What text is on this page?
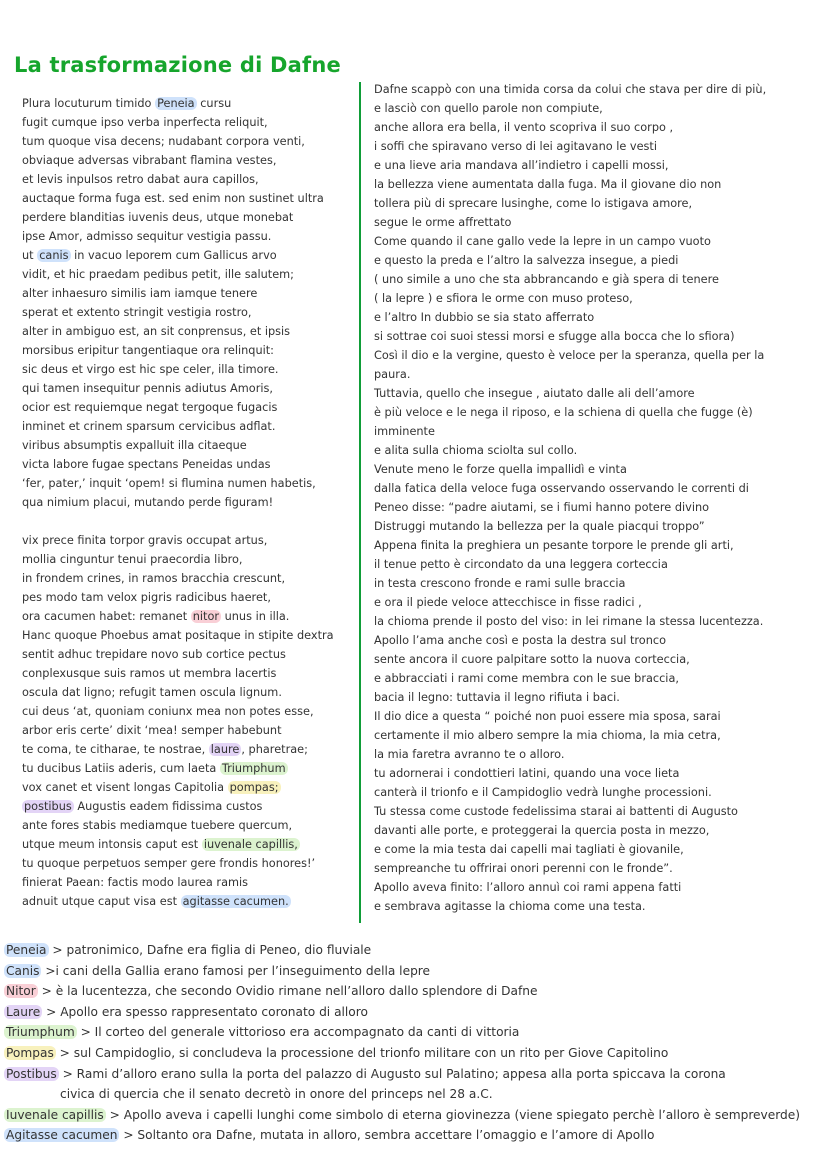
La trasformazione di Dafne
Plura locuturum timido Peneia cursu
fugit cumque ipso verba inperfecta reliquit,
tum quoque visa decens; nudabant corpora venti,
obviaque adversas vibrabant flamina vestes,
et levis inpulsos retro dabat aura capillos,
auctaque forma fuga est. sed enim non sustinet ultra
perdere blanditias iuvenis deus, utque monebat
ipse Amor, admisso sequitur vestigia passu.
ut canis in vacuo leporem cum Gallicus arvo
vidit, et hic praedam pedibus petit, ille salutem;
alter inhaesuro similis iam iamque tenere
sperat et extento stringit vestigia rostro,
alter in ambiguo est, an sit conprensus, et ipsis
morsibus eripitur tangentiaque ora relinquit:
sic deus et virgo est hic spe celer, illa timore.
qui tamen insequitur pennis adiutus Amoris,
ocior est requiemque negat tergoque fugacis
inminet et crinem sparsum cervicibus adflat.
viribus absumptis expalluit illa citaeque
victa labore fugae spectans Peneidas undas
‘fer, pater,’ inquit ‘opem! si flumina numen habetis,
qua nimium placui, mutando perde figuram!
vix prece finita torpor gravis occupat artus,
mollia cinguntur tenui praecordia libro,
in frondem crines, in ramos bracchia crescunt,
pes modo tam velox pigris radicibus haeret,
ora cacumen habet: remanet nitor unus in illa.
Hanc quoque Phoebus amat positaque in stipite dextra
sentit adhuc trepidare novo sub cortice pectus
conplexusque suis ramos ut membra lacertis
oscula dat ligno; refugit tamen oscula lignum.
cui deus ‘at, quoniam coniunx mea non potes esse,
arbor eris certe’ dixit ‘mea! semper habebunt
te coma, te citharae, te nostrae, laure , pharetrae;
tu ducibus Latiis aderis, cum laeta Triumphum
vox canet et visent longas Capitolia pompas;
postibus Augustis eadem fidissima custos
ante fores stabis mediamque tuebere quercum,
utque meum intonsis caput est iuvenale capillis,
tu quoque perpetuos semper gere frondis honores!’
finierat Paean: factis modo laurea ramis
adnuit utque caput visa est agitasse cacumen.
Dafne scappò con una timida corsa da colui che stava per dire di più,
e lasciò con quello parole non compiute,
anche allora era bella, il vento scopriva il suo corpo ,
i soffi che spiravano verso di lei agitavano le vesti
e una lieve aria mandava all’indietro i capelli mossi,
la bellezza viene aumentata dalla fuga. Ma il giovane dio non
tollera più di sprecare lusinghe, come lo istigava amore,
segue le orme affrettato
Come quando il cane gallo vede la lepre in un campo vuoto
e questo la preda e l’altro la salvezza insegue, a piedi
( uno simile a uno che sta abbrancando e già spera di tenere
( la lepre ) e sfiora le orme con muso proteso,
e l’altro In dubbio se sia stato afferrato
si sottrae coi suoi stessi morsi e sfugge alla bocca che lo sfiora)
Così il dio e la vergine, questo è veloce per la speranza, quella per la
paura.
Tuttavia, quello che insegue , aiutato dalle ali dell’amore
è più veloce e le nega il riposo, e la schiena di quella che fugge (è)
imminente
e alita sulla chioma sciolta sul collo.
Venute meno le forze quella impallidì e vinta
dalla fatica della veloce fuga osservando osservando le correnti di
Peneo disse: “padre aiutami, se i fiumi hanno potere divino
Distruggi mutando la bellezza per la quale piacqui troppo”
Appena finita la preghiera un pesante torpore le prende gli arti,
il tenue petto è circondato da una leggera corteccia
in testa crescono fronde e rami sulle braccia
e ora il piede veloce attecchisce in fisse radici ,
la chioma prende il posto del viso: in lei rimane la stessa lucentezza.
Apollo l’ama anche così e posta la destra sul tronco
sente ancora il cuore palpitare sotto la nuova corteccia,
e abbracciati i rami come membra con le sue braccia,
bacia il legno: tuttavia il legno rifiuta i baci.
Il dio dice a questa “ poiché non puoi essere mia sposa, sarai
certamente il mio albero sempre la mia chioma, la mia cetra,
la mia faretra avranno te o alloro.
tu adornerai i condottieri latini, quando una voce lieta
canterà il trionfo e il Campidoglio vedrà lunghe processioni.
Tu stessa come custode fedelissima starai ai battenti di Augusto
davanti alle porte, e proteggerai la quercia posta in mezzo,
e come la mia testa dai capelli mai tagliati è giovanile,
sempreanche tu offrirai onori perenni con le fronde”.
Apollo aveva finito: l’alloro annuì coi rami appena fatti
e sembrava agitasse la chioma come una testa.
Peneia > patronimico, Dafne era figlia di Peneo, dio fluviale
Canis >i cani della Gallia erano famosi per l’inseguimento della lepre
Nitor > è la lucentezza, che secondo Ovidio rimane nell’alloro dallo splendore di Dafne
Laure > Apollo era spesso rappresentato coronato di alloro
Triumphum > Il corteo del generale vittorioso era accompagnato da canti di vittoria
Pompas > sul Campidoglio, si concludeva la processione del trionfo militare con un rito per Giove Capitolino
Postibus > Rami d’alloro erano sulla la porta del palazzo di Augusto sul Palatino; appesa alla porta spiccava la corona
civica di quercia che il senato decretò in onore del princeps nel 28 a.C.
Iuvenale capillis > Apollo aveva i capelli lunghi come simbolo di eterna giovinezza (viene spiegato perchè l’alloro è sempreverde)
Agitasse cacumen > Soltanto ora Dafne, mutata in alloro, sembra accettare l’omaggio e l’amore di Apollo
